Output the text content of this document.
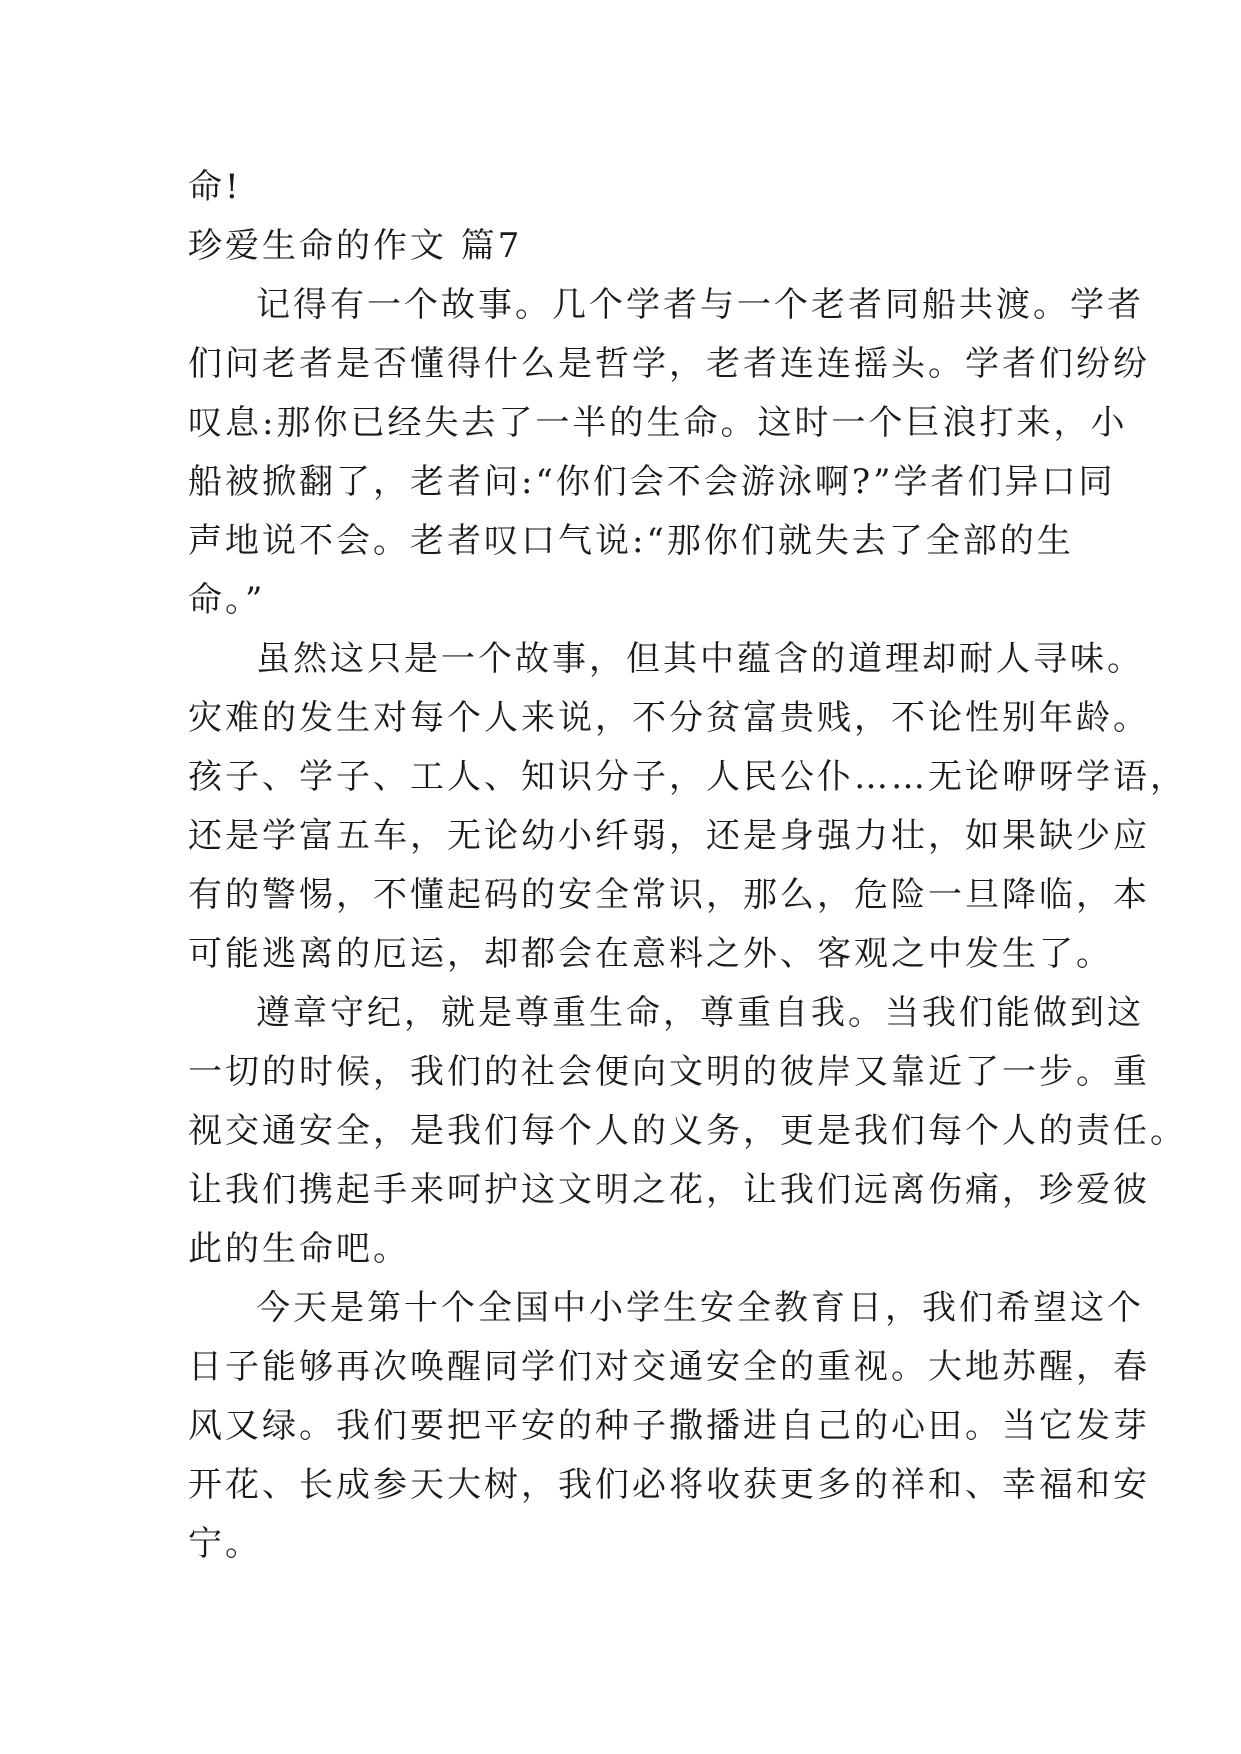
命!

珍爱生命的作文 篇7

记得有一个故事。几个学者与一个老者同船共渡。学者

们问老者是否懂得什么是哲学，老者连连摇头。学者们纷纷

叹息:那你已经失去了一半的生命。这时一个巨浪打来，小

船被掀翻了，老者问:“你们会不会游泳啊?”学者们异口同

声地说不会。老者叹口气说:“那你们就失去了全部的生

命。”

虽然这只是一个故事，但其中蕴含的道理却耐人寻味。

灾难的发生对每个人来说，不分贫富贵贱，不论性别年龄。

孩子、学子、工人、知识分子，人民公仆……无论咿呀学语，

还是学富五车，无论幼小纤弱，还是身强力壮，如果缺少应

有的警惕，不懂起码的安全常识，那么，危险一旦降临，本

可能逃离的厄运，却都会在意料之外、客观之中发生了。

遵章守纪，就是尊重生命，尊重自我。当我们能做到这

一切的时候，我们的社会便向文明的彼岸又靠近了一步。重

视交通安全，是我们每个人的义务，更是我们每个人的责任。

让我们携起手来呵护这文明之花，让我们远离伤痛，珍爱彼

此的生命吧。

今天是第十个全国中小学生安全教育日，我们希望这个

日子能够再次唤醒同学们对交通安全的重视。大地苏醒，春

风又绿。我们要把平安的种子撒播进自己的心田。当它发芽

开花、长成参天大树，我们必将收获更多的祥和、幸福和安

宁。
